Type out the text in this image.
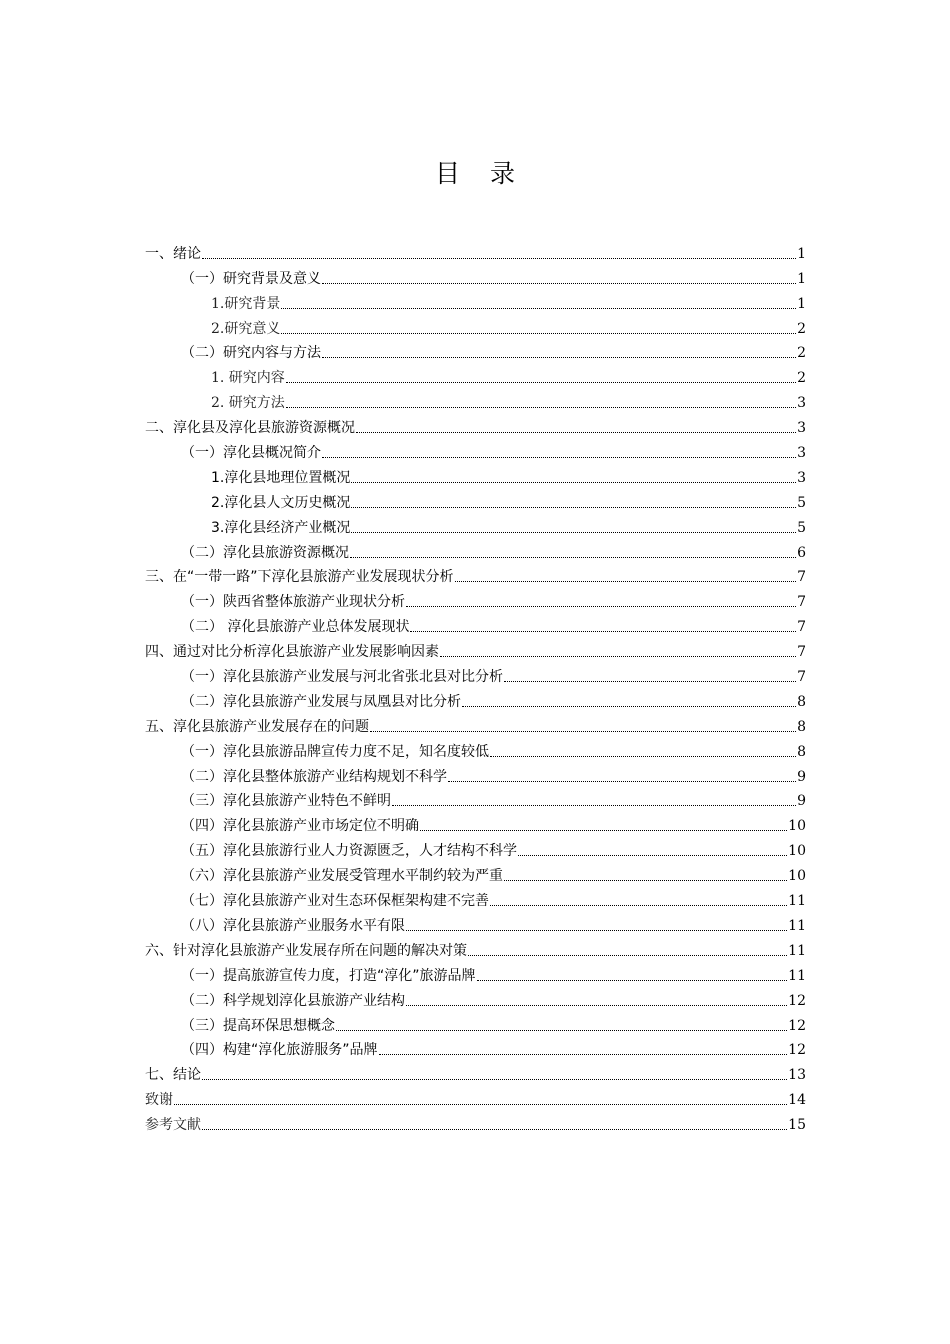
目 录
一、绪论	1
（一）研究背景及意义	1
1.研究背景	1
2.研究意义	2
（二）研究内容与方法	2
1. 研究内容	2
2. 研究方法	3
二、淳化县及淳化县旅游资源概况	3
（一）淳化县概况简介	3
1.淳化县地理位置概况	3
2.淳化县人文历史概况	5
3.淳化县经济产业概况	5
（二）淳化县旅游资源概况	6
三、在“一带一路”下淳化县旅游产业发展现状分析	7
（一）陕西省整体旅游产业现状分析	7
（二） 淳化县旅游产业总体发展现状	7
四、通过对比分析淳化县旅游产业发展影响因素	7
（一）淳化县旅游产业发展与河北省张北县对比分析	7
（二）淳化县旅游产业发展与凤凰县对比分析	8
五、淳化县旅游产业发展存在的问题	8
（一）淳化县旅游品牌宣传力度不足，知名度较低	8
（二）淳化县整体旅游产业结构规划不科学	9
（三）淳化县旅游产业特色不鲜明	9
（四）淳化县旅游产业市场定位不明确	10
（五）淳化县旅游行业人力资源匮乏，人才结构不科学	10
（六）淳化县旅游产业发展受管理水平制约较为严重	10
（七）淳化县旅游产业对生态环保框架构建不完善	11
（八）淳化县旅游产业服务水平有限	11
六、针对淳化县旅游产业发展存所在问题的解决对策	11
（一）提高旅游宣传力度，打造“淳化”旅游品牌	11
（二）科学规划淳化县旅游产业结构	12
（三）提高环保思想概念	12
（四）构建“淳化旅游服务”品牌	12
七、结论	13
致谢	14
参考文献	15
